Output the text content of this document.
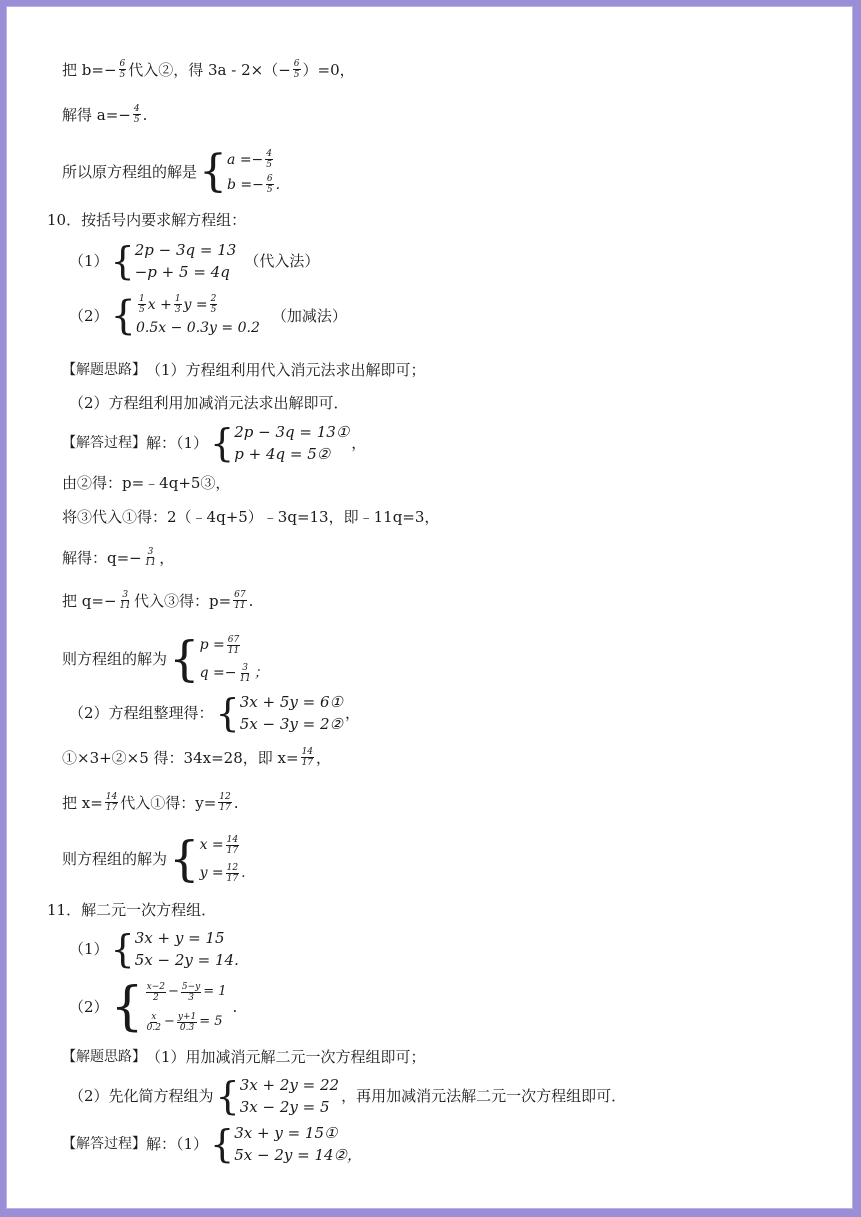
把 $b=- \frac{6}{5}$ 代入②，得 $3a - 2\times(- \frac{6}{5} )=0$，
解得 $a=- \frac{4}{5}$ .
所以原方程组的解是 { $a =- \frac{4}{5}$
$b =- \frac{6}{5}$ .
10．按括号内要求解方程组：
（1） { 2p − 3q = 13
−p + 5 = 4q
（代入法）
（2） { 1
5 $x + \frac{1}{3}$ $y = \frac{2}{5}$
0.5x − 0.3y = 0.2
（加减法）
【解题思路】 （1）方程组利用代入消元法求出解即可；
（2）方程组利用加减消元法求出解即可．
【解答过程】 解：（1） { 2p − 3q = 13①
p + 4q = 5②
，
由②得：p=﹣4q+5③，
将③代入①得：2（﹣4q+5）﹣3q=13，即﹣11q=3，
解得：$q=- \frac{3}{11}$ ，
把 $q=- \frac{3}{11}$ 代入③得：$p= \frac{67}{11}$ .
则方程组的解为 { $p = \frac{67}{11}$
$q =- \frac{3}{11}$ ；
（2）方程组整理得： { 3x + 5y = 6①
5x − 3y = 2②
，
①×3+②×5 得：34x=28，即 $x= \frac{14}{17}$ ，
把 $x= \frac{14}{17}$ 代入①得：$y= \frac{12}{17}$ .
则方程组的解为 { $x = \frac{14}{17}$
$y = \frac{12}{17}$ .
11．解二元一次方程组．
（1） { 3x + y = 15
5x − 2y = 14 .
（2） { x−2
$2 - \frac{5-y}{3} = 1$
x
$0.2 - \frac{y+1}{0.3} = 5$
.
【解题思路】 （1）用加减消元解二元一次方程组即可；
（2）先化简方程组为 { 3x + 2y = 22
3x − 2y = 5
，再用加减消元法解二元一次方程组即可．
【解答过程】 解：（1） { 3x + y = 15①
5x − 2y = 14② ，
